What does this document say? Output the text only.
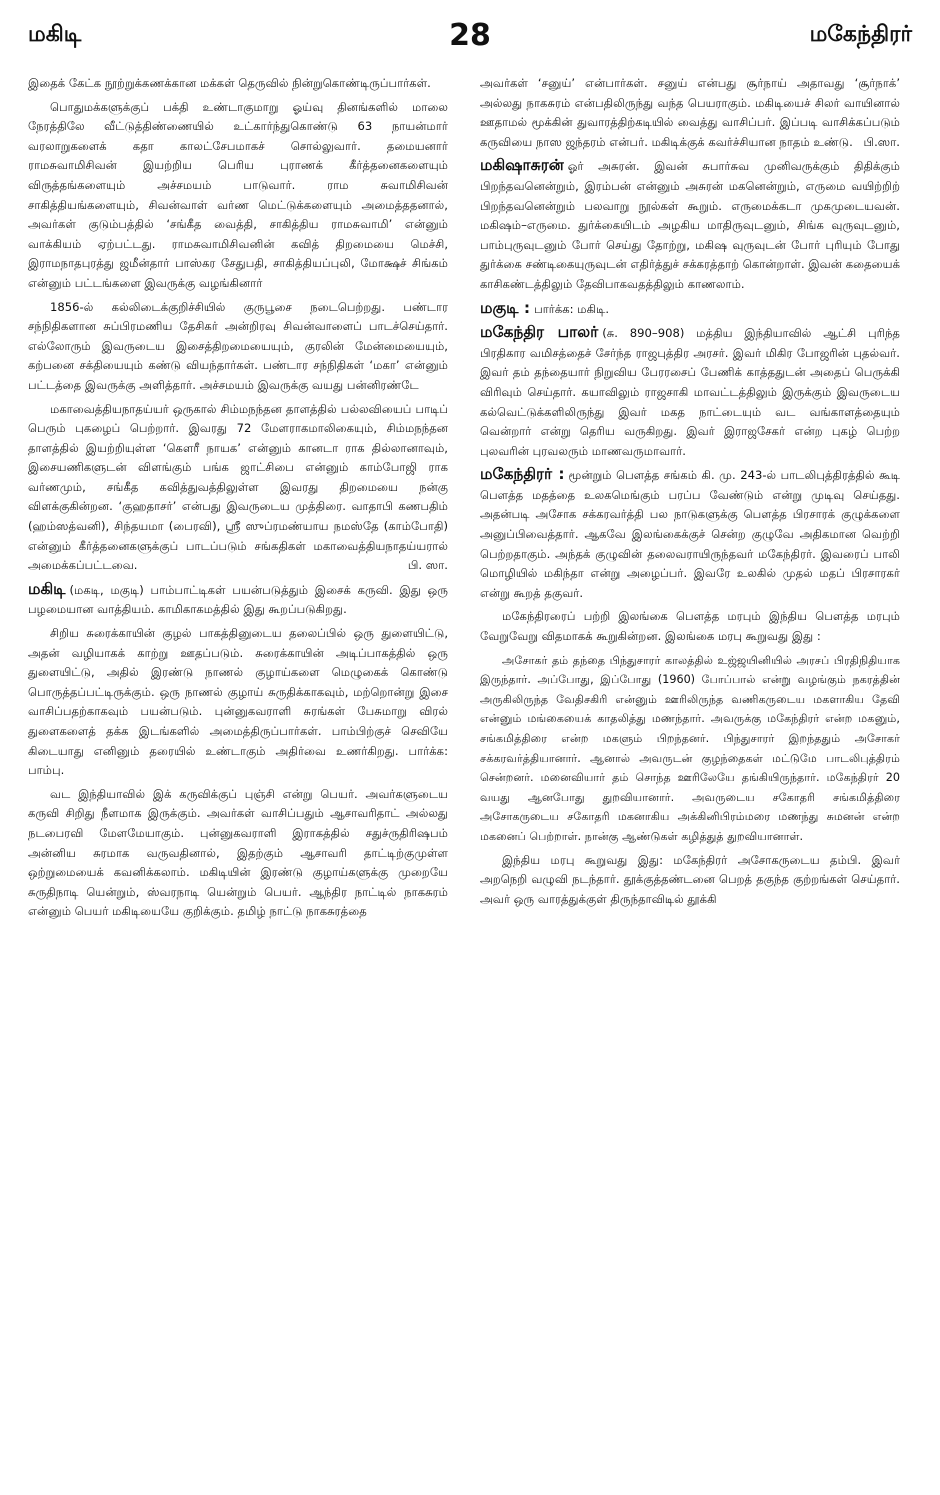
மகிடி	28	மகேந்திரர்

இதைக் கேட்க நூற்றுக்கணக்கான மக்கள் தெருவில் நின்றுகொண்டிருப்பார்கள்.

பொதுமக்களுக்குப் பக்தி உண்டாகுமாறு ஓய்வு தினங்களில் மாலை நேரத்திலே வீட்டுத்திண்ணையில் உட்கார்ந்துகொண்டு 63 நாயன்மார் வரலாறுகளைக் கதா காலட்சேபமாகச் சொல்லுவார். தமையனார் ராமசுவாமிசிவன் இயற்றிய பெரிய புராணக் கீர்த்தனைகளையும் விருத்தங்களையும் அச்சமயம் பாடுவார். ராம சுவாமிசிவன் சாகித்தியங்களையும், சிவன்வாள் வர்ண மெட்டுக்களையும் அமைத்ததனால், அவர்கள் குடும்பத்தில் ‘சங்கீத வைத்தி, சாகித்திய ராமசுவாமி’ என்னும் வாக்கியம் ஏற்பட்டது. ராமசுவாமிசிவனின் கவித் திறமையை மெச்சி, இராமநாதபுரத்து ஜமீன்தார் பாஸ்கர சேதுபதி, சாகித்தியப்புலி, மோக்ஷச் சிங்கம் என்னும் பட்டங்களை இவருக்கு வழங்கினார்

1856-ல் கல்லிடைக்குறிச்சியில் குருபூசை நடைபெற்றது. பண்டார சந்நிதிகளான சுப்பிரமணிய தேசிகர் அன்றிரவு சிவன்வாளைப் பாடச்செய்தார். எல்லோரும் இவருடைய இசைத்திறமையையும், குரலின் மேன்மையையும், கற்பனை சக்தியையும் கண்டு வியந்தார்கள். பண்டார சந்நிதிகள் ‘மகா’ என்னும் பட்டத்தை இவருக்கு அளித்தார். அச்சமயம் இவருக்கு வயது பன்னிரண்டே

மகாவைத்தியநாதய்யர் ஒருகால் சிம்மநந்தன தாளத்தில் பல்லவியைப் பாடிப் பெரும் புகழைப் பெற்றார். இவரது 72 மேளராகமாலிகையும், சிம்மநந்தன தாளத்தில் இயற்றியுள்ள ‘கௌரீ நாயக’ என்னும் கானடா ராக தில்லானாவும், இசையணிகளுடன் விளங்கும் பங்க ஜாட்சிபை என்னும் காம்போஜி ராக வர்ணமும், சங்கீத கவித்துவத்திலுள்ள இவரது திறமையை நன்கு விளக்குகின்றன. ‘குஹதாசர்’ என்பது இவருடைய முத்திரை. வாதாபி கணபதிம் (ஹம்ஸத்வனி), சிந்தயமா (பைரவி), ஸ்ரீ ஸுப்ரமண்யாய நமஸ்தே (காம்போதி) என்னும் கீர்த்தனைகளுக்குப் பாடப்படும் சங்கதிகள் மகாவைத்தியநாதய்யரால் அமைக்கப்பட்டவை.	பி. ஸா.

மகிடி (மகடி, மகுடி) பாம்பாட்டிகள் பயன்படுத்தும் இசைக் கருவி. இது ஒரு பழமையான வாத்தியம். காமிகாகமத்தில் இது கூறப்படுகிறது.

சிறிய சுரைக்காயின் குழல் பாகத்தினுடைய தலைப்பில் ஒரு துளையிட்டு, அதன் வழியாகக் காற்று ஊதப்படும். சுரைக்காயின் அடிப்பாகத்தில் ஒரு துளையிட்டு, அதில் இரண்டு நாணல் குழாய்களை மெழுகைக் கொண்டு பொருத்தப்பட்டிருக்கும். ஒரு நாணல் குழாய் சுருதிக்காகவும், மற்றொன்று இசை வாசிப்பதற்காகவும் பயன்படும். புன்னுகவராளி சுரங்கள் பேசுமாறு விரல் துளைகளைத் தக்க இடங்களில் அமைத்திருப்பார்கள். பாம்பிற்குச் செவியே கிடையாது எனினும் தரையில் உண்டாகும் அதிர்வை உணர்கிறது. பார்க்க: பாம்பு.

வட இந்தியாவில் இக் கருவிக்குப் புஞ்சி என்று பெயர். அவர்களுடைய கருவி சிறிது நீளமாக இருக்கும். அவர்கள் வாசிப்பதும் ஆசாவரிதாட் அல்லது நடபைரவி மேளமேயாகும். புன்னுகவராளி இராகத்தில் சதுச்ருதிரிஷபம் அன்னிய சுரமாக வருவதினால், இதற்கும் ஆசாவரி தாட்டிற்குமுள்ள ஒற்றுமையைக் கவனிக்கலாம். மகிடியின் இரண்டு குழாய்களுக்கு முறையே சுருதிநாடி யென்றும், ஸ்வரநாடி யென்றும் பெயர். ஆந்திர நாட்டில் நாகசுரம் என்னும் பெயர் மகிடியையே குறிக்கும். தமிழ் நாட்டு நாகசுரத்தை

அவர்கள் ‘சனுய்’ என்பார்கள். சனுய் என்பது சூர்நாய் அதாவது ‘சூர்நாக்’ அல்லது நாகசுரம் என்பதிலிருந்து வந்த பெயராகும். மகிடியைச் சிலர் வாயினால் ஊதாமல் மூக்கின் துவாரத்திற்கடியில் வைத்து வாசிப்பர். இப்படி வாசிக்கப்படும் கருவியை நாஸ ஜந்தரம் என்பர். மகிடிக்குக் கவர்ச்சியான நாதம் உண்டு. பி.ஸா.

மகிஷாசுரன் ஓர் அசுரன். இவன் சுபார்சுவ முனிவருக்கும் திதிக்கும் பிறந்தவனென்றும், இரம்பன் என்னும் அசுரன் மகனென்றும், எருமை வயிற்றிற் பிறந்தவனென்றும் பலவாறு நூல்கள் கூறும். எருமைக்கடா முகமுடையவன். மகிஷம்–எருமை. துர்க்கையிடம் அழகிய மாதிருவுடனும், சிங்க வுருவுடனும், பாம்புருவுடனும் போர் செய்து தோற்று, மகிஷ வுருவுடன் போர் புரியும் போது துர்க்கை சண்டிகையுருவுடன் எதிர்த்துச் சக்கரத்தாற் கொன்றாள். இவன் கதையைக் காசிகண்டத்திலும் தேவிபாகவதத்திலும் காணலாம்.

மகுடி : பார்க்க: மகிடி.

மகேந்திர பாலர் (சு. 890–908) மத்திய இந்தியாவில் ஆட்சி புரிந்த பிரதிகார வமிசத்தைச் சேர்ந்த ராஜபுத்திர அரசர். இவர் மிகிர போஜரின் புதல்வர். இவர் தம் தந்தையார் நிறுவிய பேரரசைப் பேணிக் காத்ததுடன் அதைப் பெருக்கி விரிவும் செய்தார். கயாவிலும் ராஜசாகி மாவட்டத்திலும் இருக்கும் இவருடைய கல்வெட்டுக்களிலிருந்து இவர் மகத நாட்டையும் வட வங்காளத்தையும் வென்றார் என்று தெரிய வருகிறது. இவர் இராஜசேகர் என்ற புகழ் பெற்ற புலவரின் புரவலரும் மாணவருமாவார்.

மகேந்திரர் : மூன்றும் பௌத்த சங்கம் கி. மு. 243-ல் பாடலிபுத்திரத்தில் கூடி பௌத்த மதத்தை உலகமெங்கும் பரப்ப வேண்டும் என்று முடிவு செய்தது. அதன்படி அசோக சக்கரவர்த்தி பல நாடுகளுக்கு பௌத்த பிரசாரக் குழுக்களை அனுப்பிவைத்தார். ஆகவே இலங்கைக்குச் சென்ற குழுவே அதிகமான வெற்றி பெற்றதாகும். அந்தக் குழுவின் தலைவராயிருந்தவர் மகேந்திரர். இவரைப் பாலி மொழியில் மகிந்தா என்று அழைப்பர். இவரே உலகில் முதல் மதப் பிரசாரகர் என்று கூறத் தகுவர்.

மகேந்திரரைப் பற்றி இலங்கை பௌத்த மரபும் இந்திய பௌத்த மரபும் வேறுவேறு விதமாகக் கூறுகின்றன. இலங்கை மரபு கூறுவது இது :

அசோகர் தம் தந்தை பிந்துசாரர் காலத்தில் உஜ்ஜயினியில் அரசப் பிரதிநிதியாக இருந்தார். அப்போது, இப்போது (1960) போப்பால் என்று வழங்கும் நகரத்தின் அருகிலிருந்த வேதிசகிரி என்னும் ஊரிலிருந்த வணிகருடைய மகளாகிய தேவி என்னும் மங்கையைக் காதலித்து மணந்தார். அவருக்கு மகேந்திரர் என்ற மகனும், சங்கமித்திரை என்ற மகளும் பிறந்தனர். பிந்துசாரர் இறந்ததும் அசோகர் சக்கரவர்த்தியானார். ஆனால் அவருடன் குழந்தைகள் மட்டுமே பாடலிபுத்திரம் சென்றனர். மனைவியார் தம் சொந்த ஊரிலேயே தங்கியிருந்தார். மகேந்திரர் 20 வயது ஆனபோது துறவியானார். அவருடைய சகோதரி சங்கமித்திரை அசோகருடைய சகோதரி மகனாகிய அக்கினிபிரம்மரை மணந்து சுமனன் என்ற மகனைப் பெற்றாள். நான்கு ஆண்டுகள் கழித்துத் துறவியானாள்.

இந்திய மரபு கூறுவது இது: மகேந்திரர் அசோகருடைய தம்பி. இவர் அறநெறி வழுவி நடந்தார். தூக்குத்தண்டனை பெறத் தகுந்த குற்றங்கள் செய்தார். அவர் ஒரு வாரத்துக்குள் திருந்தாவிடில் தூக்கி
